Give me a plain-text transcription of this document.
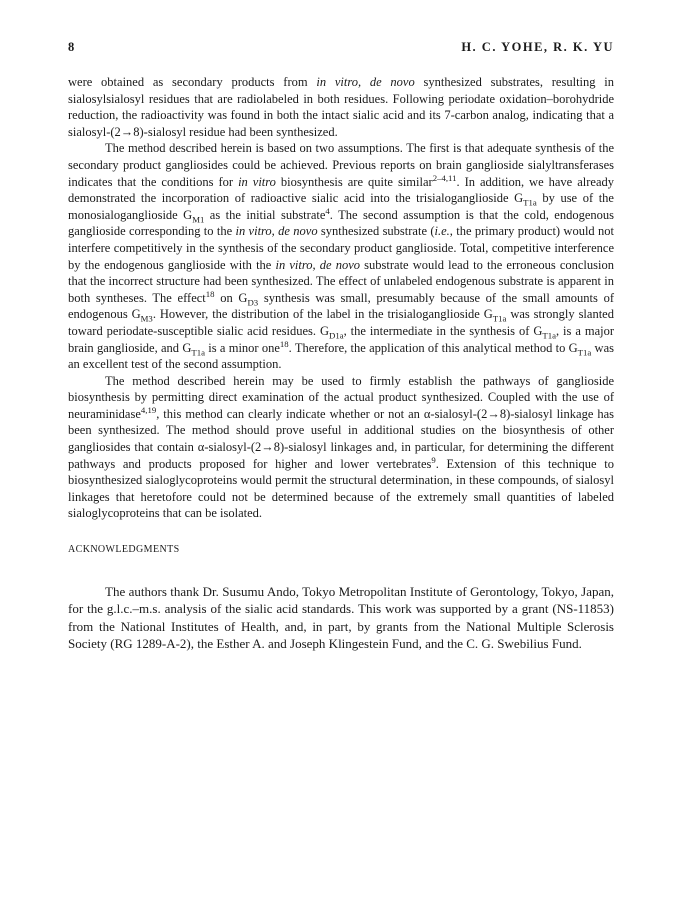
8	H. C. YOHE, R. K. YU

were obtained as secondary products from in vitro, de novo synthesized substrates, resulting in sialosylsialosyl residues that are radiolabeled in both residues. Following periodate oxidation–borohydride reduction, the radioactivity was found in both the intact sialic acid and its 7-carbon analog, indicating that a sialosyl-(2→8)-sialosyl residue had been synthesized.

The method described herein is based on two assumptions. The first is that adequate synthesis of the secondary product gangliosides could be achieved. Previous reports on brain ganglioside sialyltransferases indicates that the conditions for in vitro biosynthesis are quite similar$^{2-4,11}$. In addition, we have already demonstrated the incorporation of radioactive sialic acid into the trisialoganglioside $G_{T1a}$ by use of the monosialoganglioside $G_{M1}$ as the initial substrate$^4$. The second assumption is that the cold, endogenous ganglioside corresponding to the in vitro, de novo synthesized substrate (i.e., the primary product) would not interfere competitively in the synthesis of the secondary product ganglioside. Total, competitive interference by the endogenous ganglioside with the in vitro, de novo substrate would lead to the erroneous conclusion that the incorrect structure had been synthesized. The effect of unlabeled endogenous substrate is apparent in both syntheses. The effect$^{18}$ on $G_{D3}$ synthesis was small, presumably because of the small amounts of endogenous $G_{M3}$. However, the distribution of the label in the trisialoganglioside $G_{T1a}$ was strongly slanted toward periodate-susceptible sialic acid residues. $G_{D1a}$, the intermediate in the synthesis of $G_{T1a}$, is a major brain ganglioside, and $G_{T1a}$ is a minor one$^{18}$. Therefore, the application of this analytical method to $G_{T1a}$ was an excellent test of the second assumption.

The method described herein may be used to firmly establish the pathways of ganglioside biosynthesis by permitting direct examination of the actual product synthesized. Coupled with the use of neuraminidase$^{4,19}$, this method can clearly indicate whether or not an α-sialosyl-(2→8)-sialosyl linkage has been synthesized. The method should prove useful in additional studies on the biosynthesis of other gangliosides that contain α-sialosyl-(2→8)-sialosyl linkages and, in particular, for determining the different pathways and products proposed for higher and lower vertebrates$^9$. Extension of this technique to biosynthesized sialoglycoproteins would permit the structural determination, in these compounds, of sialosyl linkages that heretofore could not be determined because of the extremely small quantities of labeled sialoglycoproteins that can be isolated.

ACKNOWLEDGMENTS

The authors thank Dr. Susumu Ando, Tokyo Metropolitan Institute of Gerontology, Tokyo, Japan, for the g.l.c.–m.s. analysis of the sialic acid standards. This work was supported by a grant (NS-11853) from the National Institutes of Health, and, in part, by grants from the National Multiple Sclerosis Society (RG 1289-A-2), the Esther A. and Joseph Klingestein Fund, and the C. G. Swebilius Fund.
